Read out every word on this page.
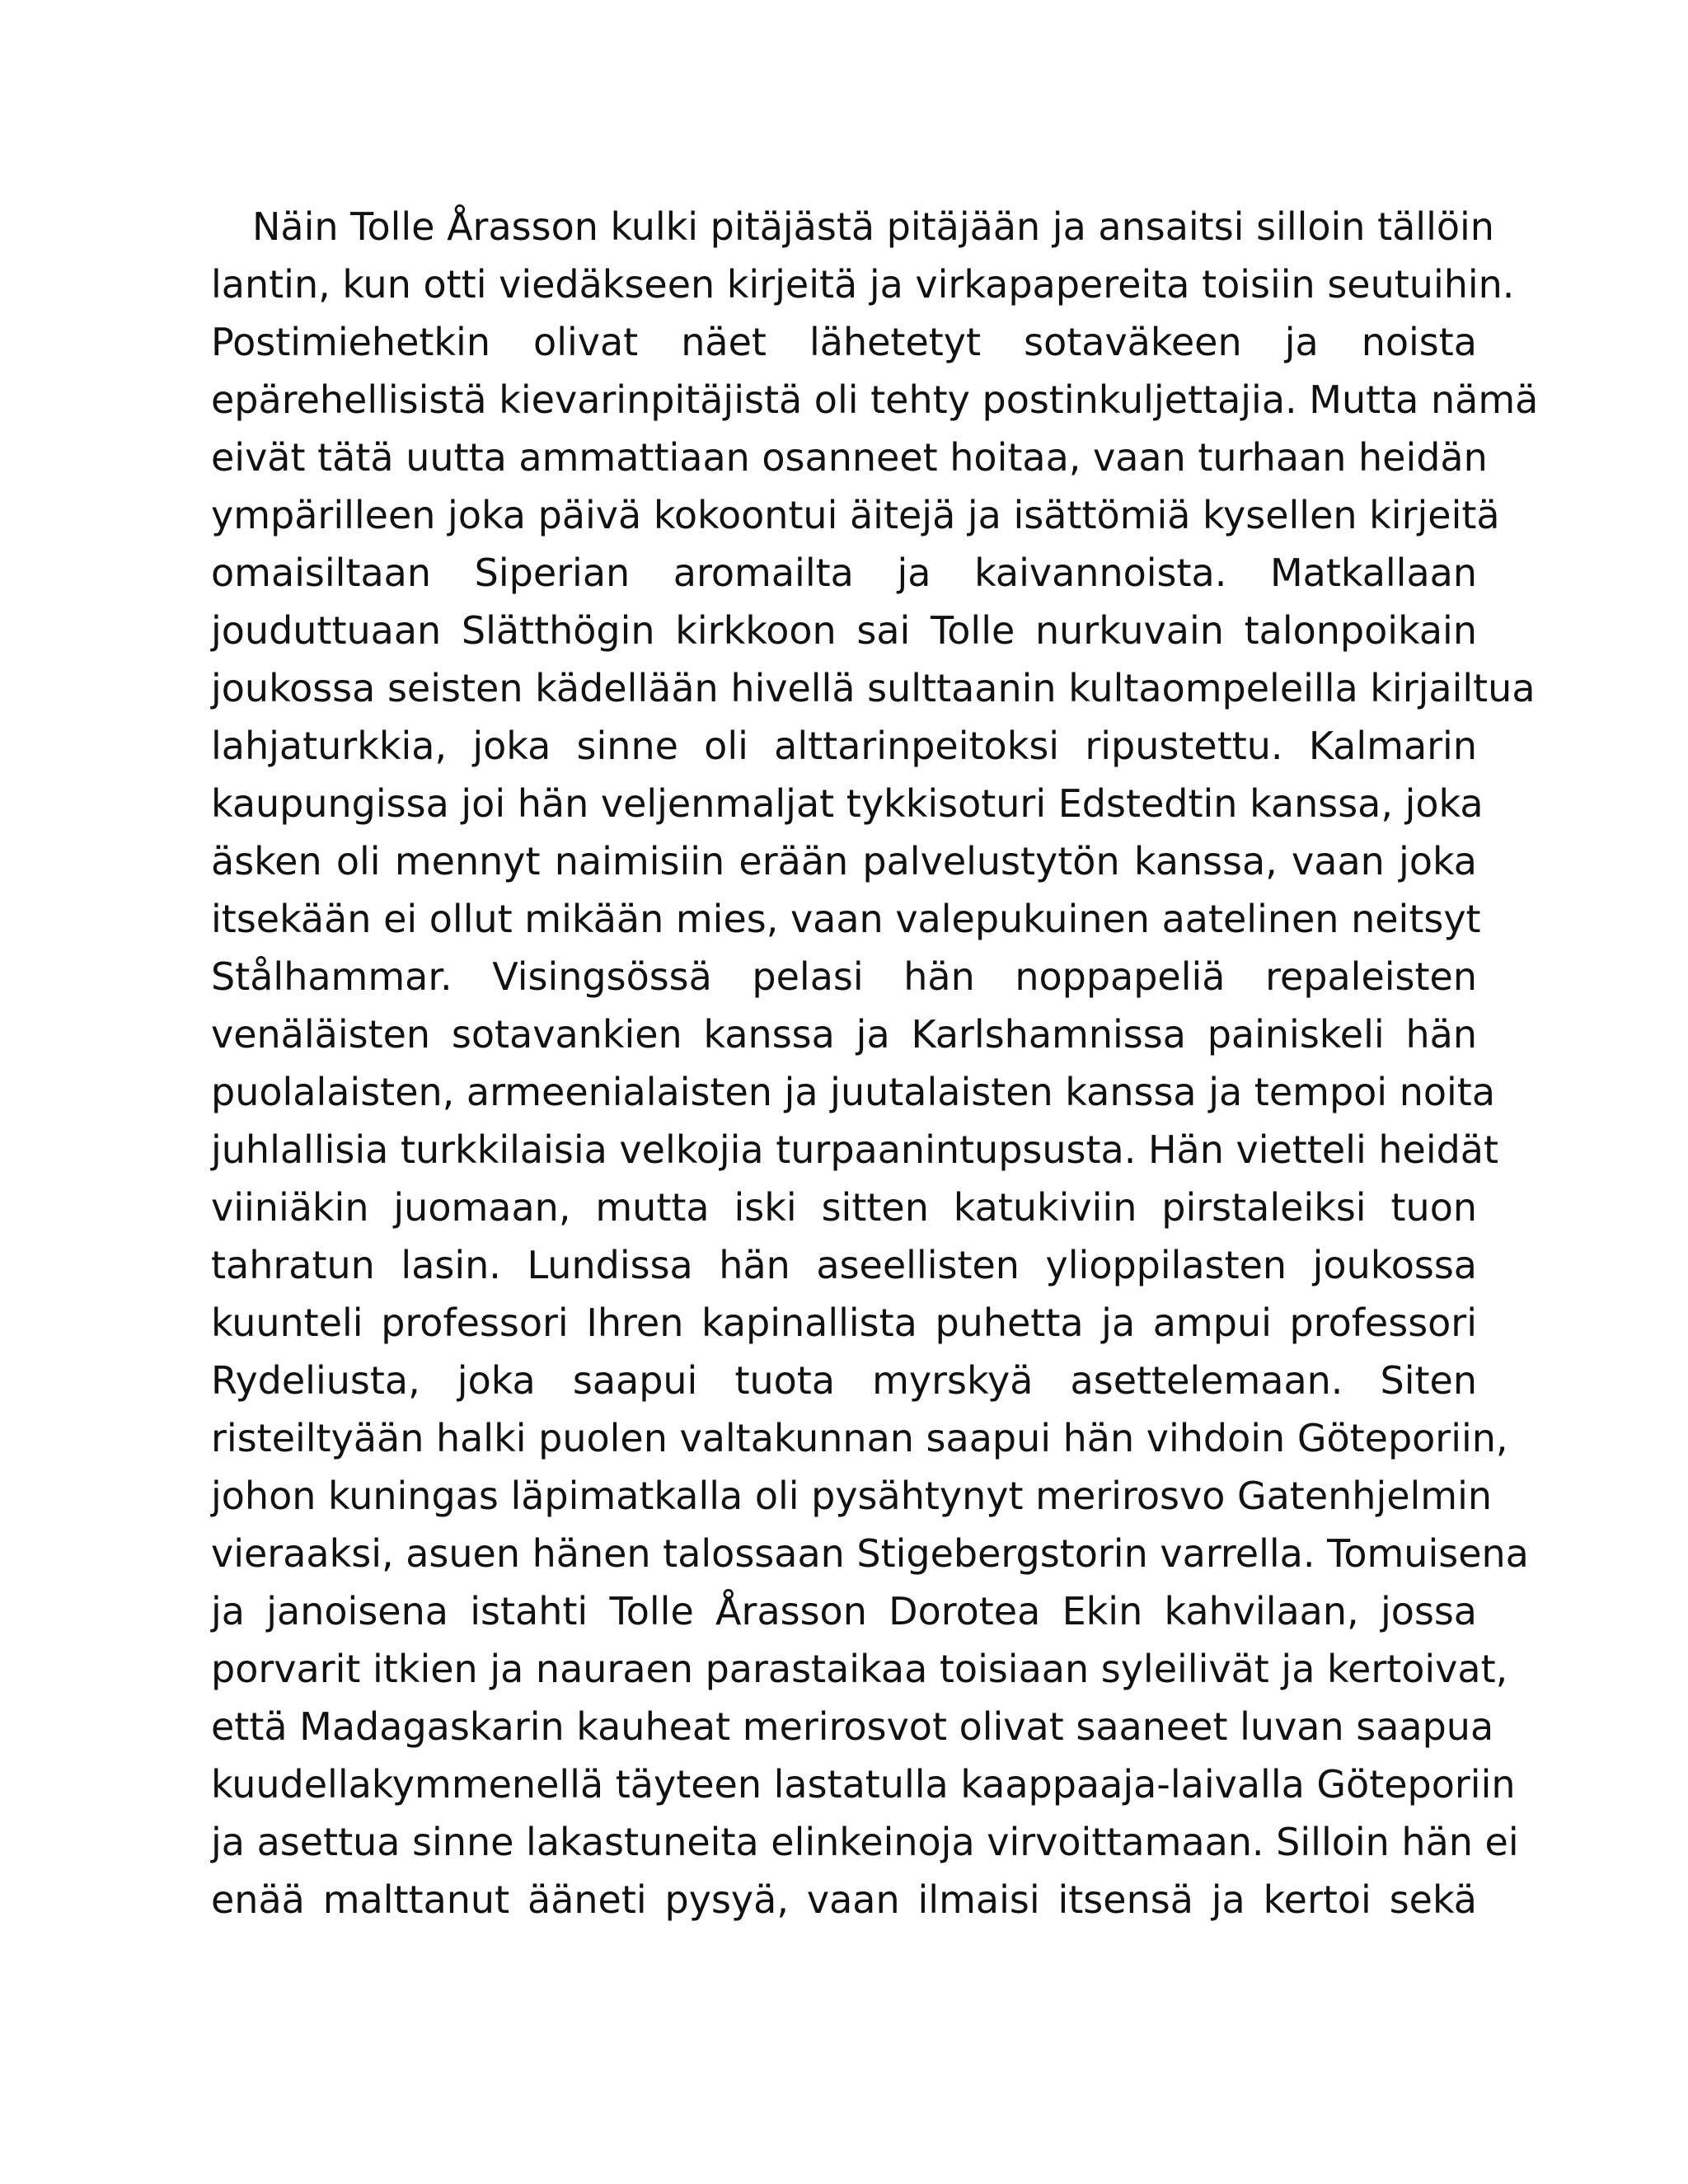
Näin Tolle Årasson kulki pitäjästä pitäjään ja ansaitsi silloin tällöin
lantin, kun otti viedäkseen kirjeitä ja virkapapereita toisiin seutuihin.
Postimiehetkin olivat näet lähetetyt sotaväkeen ja noista
epärehellisistä kievarinpitäjistä oli tehty postinkuljettajia. Mutta nämä
eivät tätä uutta ammattiaan osanneet hoitaa, vaan turhaan heidän
ympärilleen joka päivä kokoontui äitejä ja isättömiä kysellen kirjeitä
omaisiltaan Siperian aromailta ja kaivannoista. Matkallaan
jouduttuaan Slätthögin kirkkoon sai Tolle nurkuvain talonpoikain
joukossa seisten kädellään hivellä sulttaanin kultaompeleilla kirjailtua
lahjaturkkia, joka sinne oli alttarinpeitoksi ripustettu. Kalmarin
kaupungissa joi hän veljenmaljat tykkisoturi Edstedtin kanssa, joka
äsken oli mennyt naimisiin erään palvelustytön kanssa, vaan joka
itsekään ei ollut mikään mies, vaan valepukuinen aatelinen neitsyt
Stålhammar. Visingsössä pelasi hän noppapeliä repaleisten
venäläisten sotavankien kanssa ja Karlshamnissa painiskeli hän
puolalaisten, armeenialaisten ja juutalaisten kanssa ja tempoi noita
juhlallisia turkkilaisia velkojia turpaanintupsusta. Hän vietteli heidät
viiniäkin juomaan, mutta iski sitten katukiviin pirstaleiksi tuon
tahratun lasin. Lundissa hän aseellisten ylioppilasten joukossa
kuunteli professori Ihren kapinallista puhetta ja ampui professori
Rydeliusta, joka saapui tuota myrskyä asettelemaan. Siten
risteiltyään halki puolen valtakunnan saapui hän vihdoin Göteporiin,
johon kuningas läpimatkalla oli pysähtynyt merirosvo Gatenhjelmin
vieraaksi, asuen hänen talossaan Stigebergstorin varrella. Tomuisena
ja janoisena istahti Tolle Årasson Dorotea Ekin kahvilaan, jossa
porvarit itkien ja nauraen parastaikaa toisiaan syleilivät ja kertoivat,
että Madagaskarin kauheat merirosvot olivat saaneet luvan saapua
kuudellakymmenellä täyteen lastatulla kaappaaja-laivalla Göteporiin
ja asettua sinne lakastuneita elinkeinoja virvoittamaan. Silloin hän ei
enää malttanut ääneti pysyä, vaan ilmaisi itsensä ja kertoi sekä
